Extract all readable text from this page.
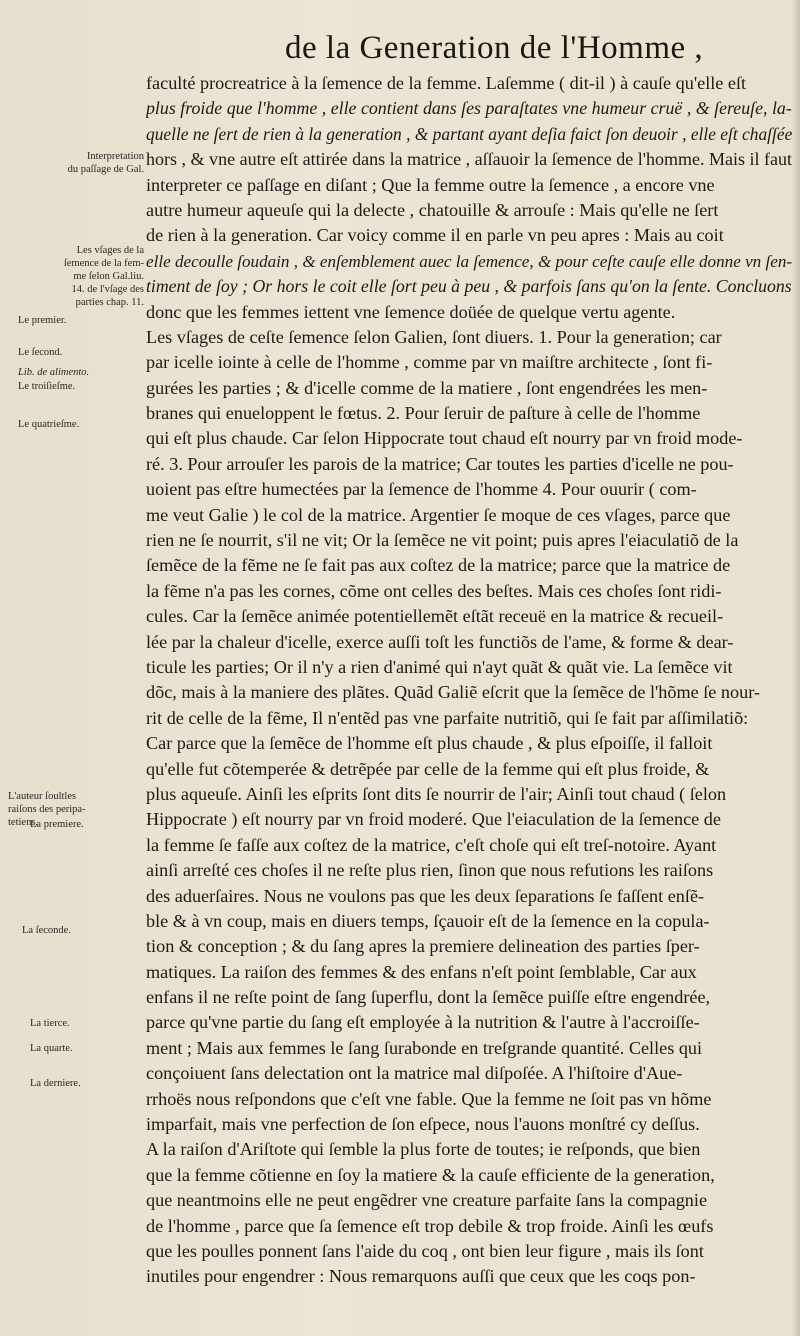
de la Generation de l'Homme ,
Interpretation
du paſſage de Gal.
Les vſages de la
ſemence de la fem-
me ſelon Gal.liu.
14. de l'vſage des
parties chap. 11.
Le premier.
Le ſecond.
Lib. de alimento.
Le troiſieſme.
Le quatrieſme.
L'auteur ſoultles
raiſons des peripa-
tetiens.
La premiere.
La ſeconde.
La tierce.
La quarte.
La derniere.
faculté procreatrice à la ſemence de la femme. Laſemme ( dit-il ) à cauſe qu'elle eſt
plus froide que l'homme , elle contient dans ſes paraſtates vne humeur cruë , & ſereuſe, la-
quelle ne ſert de rien à la generation , & partant ayant deſia faict ſon deuoir , elle eſt chaſſée
hors , & vne autre eſt attirée dans la matrice , aſſauoir la ſemence de l'homme. Mais il faut
interpreter ce paſſage en diſant ; Que la femme outre la ſemence , a encore vne
autre humeur aqueuſe qui la delecte , chatouille & arrouſe : Mais qu'elle ne ſert
de rien à la generation. Car voicy comme il en parle vn peu apres : Mais au coit
elle decoulle ſoudain , & enſemblement auec la ſemence, & pour ceſte cauſe elle donne vn ſen-
timent de ſoy ; Or hors le coit elle ſort peu à peu , & parfois ſans qu'on la ſente. Concluons
donc que les femmes iettent vne ſemence doüée de quelque vertu agente.
Les vſages de ceſte ſemence ſelon Galien, ſont diuers. 1. Pour la generation; car
par icelle iointe à celle de l'homme , comme par vn maiſtre architecte , ſont fi-
gurées les parties ; & d'icelle comme de la matiere , ſont engendrées les men-
branes qui enueloppent le fœtus. 2. Pour ſeruir de paſture à celle de l'homme
qui eſt plus chaude. Car ſelon Hippocrate tout chaud eſt nourry par vn froid mode-
ré. 3. Pour arrouſer les parois de la matrice; Car toutes les parties d'icelle ne pou-
uoient pas eſtre humectées par la ſemence de l'homme 4. Pour ouurir ( com-
me veut Galie ) le col de la matrice. Argentier ſe moque de ces vſages, parce que
rien ne ſe nourrit, s'il ne vit; Or la ſemẽce ne vit point; puis apres l'eiaculatiõ de la
ſemẽce de la fẽme ne ſe fait pas aux coſtez de la matrice; parce que la matrice de
la fẽme n'a pas les cornes, cõme ont celles des beſtes. Mais ces choſes ſont ridi-
cules. Car la ſemẽce animée potentiellemẽt eſtãt receuë en la matrice & recueil-
lée par la chaleur d'icelle, exerce auſſi toſt les functiõs de l'ame, & forme & dear-
ticule les parties; Or il n'y a rien d'animé qui n'ayt quãt & quãt vie. La ſemẽce vit
dõc, mais à la maniere des plãtes. Quãd Galiẽ eſcrit que la ſemẽce de l'hõme ſe nour-
rit de celle de la fẽme, Il n'entẽd pas vne parfaite nutritiõ, qui ſe fait par aſſimilatiõ:
Car parce que la ſemẽce de l'homme eſt plus chaude , & plus eſpoiſſe, il falloit
qu'elle fut cõtemperée & detrẽpée par celle de la femme qui eſt plus froide, &
plus aqueuſe. Ainſi les eſprits ſont dits ſe nourrir de l'air; Ainſi tout chaud ( ſelon
Hippocrate ) eſt nourry par vn froid moderé. Que l'eiaculation de la ſemence de
la femme ſe faſſe aux coſtez de la matrice, c'eſt choſe qui eſt treſ-notoire. Ayant
ainſi arreſté ces choſes il ne reſte plus rien, ſinon que nous refutions les raiſons
des aduerſaires. Nous ne voulons pas que les deux ſeparations ſe faſſent enſẽ-
ble & à vn coup, mais en diuers temps, ſçauoir eſt de la ſemence en la copula-
tion & conception ; & du ſang apres la premiere delineation des parties ſper-
matiques. La raiſon des femmes & des enfans n'eſt point ſemblable, Car aux
enfans il ne reſte point de ſang ſuperflu, dont la ſemẽce puiſſe eſtre engendrée,
parce qu'vne partie du ſang eſt employée à la nutrition & l'autre à l'accroiſſe-
ment ; Mais aux femmes le ſang ſurabonde en treſgrande quantité. Celles qui
conçoiuent ſans delectation ont la matrice mal diſpoſée. A l'hiſtoire d'Aue-
rrhoës nous reſpondons que c'eſt vne fable. Que la femme ne ſoit pas vn hõme
imparfait, mais vne perfection de ſon eſpece, nous l'auons monſtré cy deſſus.
A la raiſon d'Ariſtote qui ſemble la plus forte de toutes; ie reſponds, que bien
que la femme cõtienne en ſoy la matiere & la cauſe efficiente de la generation,
que neantmoins elle ne peut engẽdrer vne creature parfaite ſans la compagnie
de l'homme , parce que ſa ſemence eſt trop debile & trop froide. Ainſi les œufs
que les poulles ponnent ſans l'aide du coq , ont bien leur figure , mais ils ſont
inutiles pour engendrer : Nous remarquons auſſi que ceux que les coqs pon-
